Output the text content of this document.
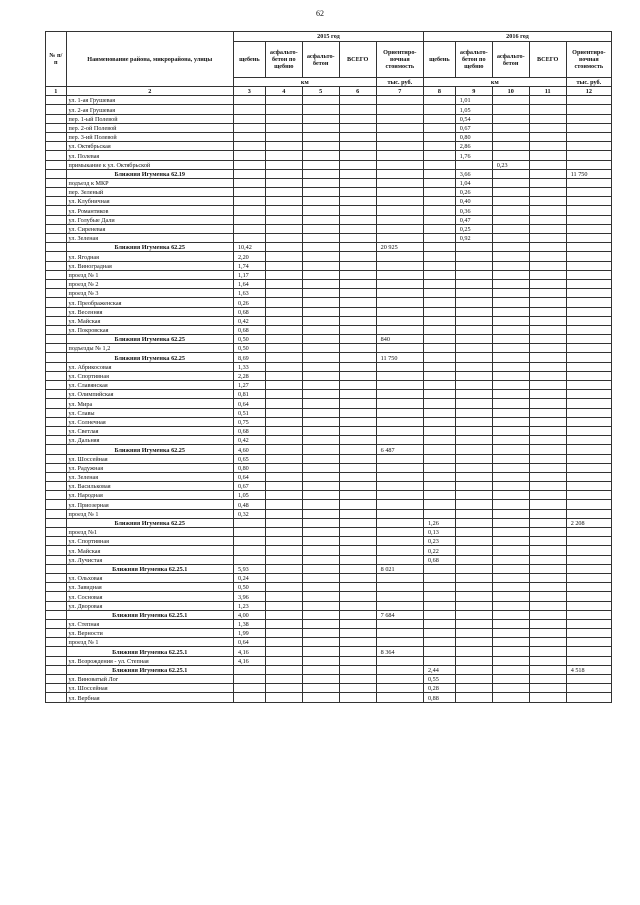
62
№ п/п	Наименование района, микрорайона, улицы	2015 год					2016 год				
		щебень	асфальто-бетон по щебню	асфальто-бетон	ВСЕГО	Ориентиро-вочная стоимость	щебень	асфальто-бетон по щебню	асфальто-бетон	ВСЕГО	Ориентиро-вочная стоимость
		км				тыс. руб.	км				тыс. руб.
1	2	3	4	5	6	7	8	9	10	11	12
	ул. 1-ая Грушевая							1,01			
	ул. 2-ая Грушевая							1,05			
	пер. 1-ый Полевой							0,54			
	пер. 2-ой Полевой							0,67			
	пер. 3-ий Полевой							0,80			
	ул. Октябрьская							2,86			
	ул. Полевая							1,76			
	примыкание к ул. Октябрьской								0,23		
	Ближняя Игуменка 62.19							3,66			11 750
	подъезд к МКР							1,04			
	пер. Зеленый							0,26			
	ул. Клубничная							0,40			
	ул. Романтиков							0,36			
	ул. Голубые Дали							0,47			
	ул. Сиреневая							0,25			
	ул. Зеленая							0,92			
	Ближняя Игуменка 62.25	10,42				20 925					
	ул. Ягодная	2,20									
	ул. Виноградная	1,74									
	проезд № 1	1,17									
	проезд № 2	1,64									
	проезд № 3	1,63									
	ул. Преображенская	0,26									
	ул. Весенняя	0,68									
	ул. Майская	0,42									
	ул. Покровская	0,68									
	Ближняя Игуменка 62.25	0,50				840					
	подъезды № 1,2	0,50									
	Ближняя Игуменка 62.25	8,69				11 750					
	ул. Абрикосовая	1,33									
	ул. Спортивная	2,28									
	ул. Славянская	1,27									
	ул. Олимпийская	0,81									
	ул. Мира	0,64									
	ул. Славы	0,51									
	ул. Солнечная	0,75									
	ул. Светлая	0,68									
	ул. Дальняя	0,42									
	Ближняя Игуменка 62.25	4,60				6 487					
	ул. Шоссейная	0,65									
	ул. Радужная	0,80									
	ул. Зеленая	0,64									
	ул. Васильковая	0,67									
	ул. Народная	1,05									
	ул. Приозерная	0,48									
	проезд № 1	0,32									
	Ближняя Игуменка 62.25						1,26				2 208
	проезд №1						0,13				
	ул. Спортивная						0,23				
	ул. Майская						0,22				
	ул. Лучистая						0,68				
	Ближняя Игуменка 62.25.1	5,93				8 021					
	ул. Ольховая	0,24									
	ул. Завидная	0,50									
	ул. Сосновая	3,96									
	ул. Дворовая	1,23									
	Ближняя Игуменка 62.25.1	4,00				7 684					
	ул. Степная	1,38									
	ул. Верности	1,99									
	проезд № 1	0,64									
	Ближняя Игуменка 62.25.1	4,16				8 364					
	ул. Возрождения - ул. Степная	4,16									
	Ближняя Игуменка 62.25.1						2,44				4 518
	ул. Виноватый Лог						0,55				
	ул. Шоссейная						0,28				
	ул. Вербная						0,88				
